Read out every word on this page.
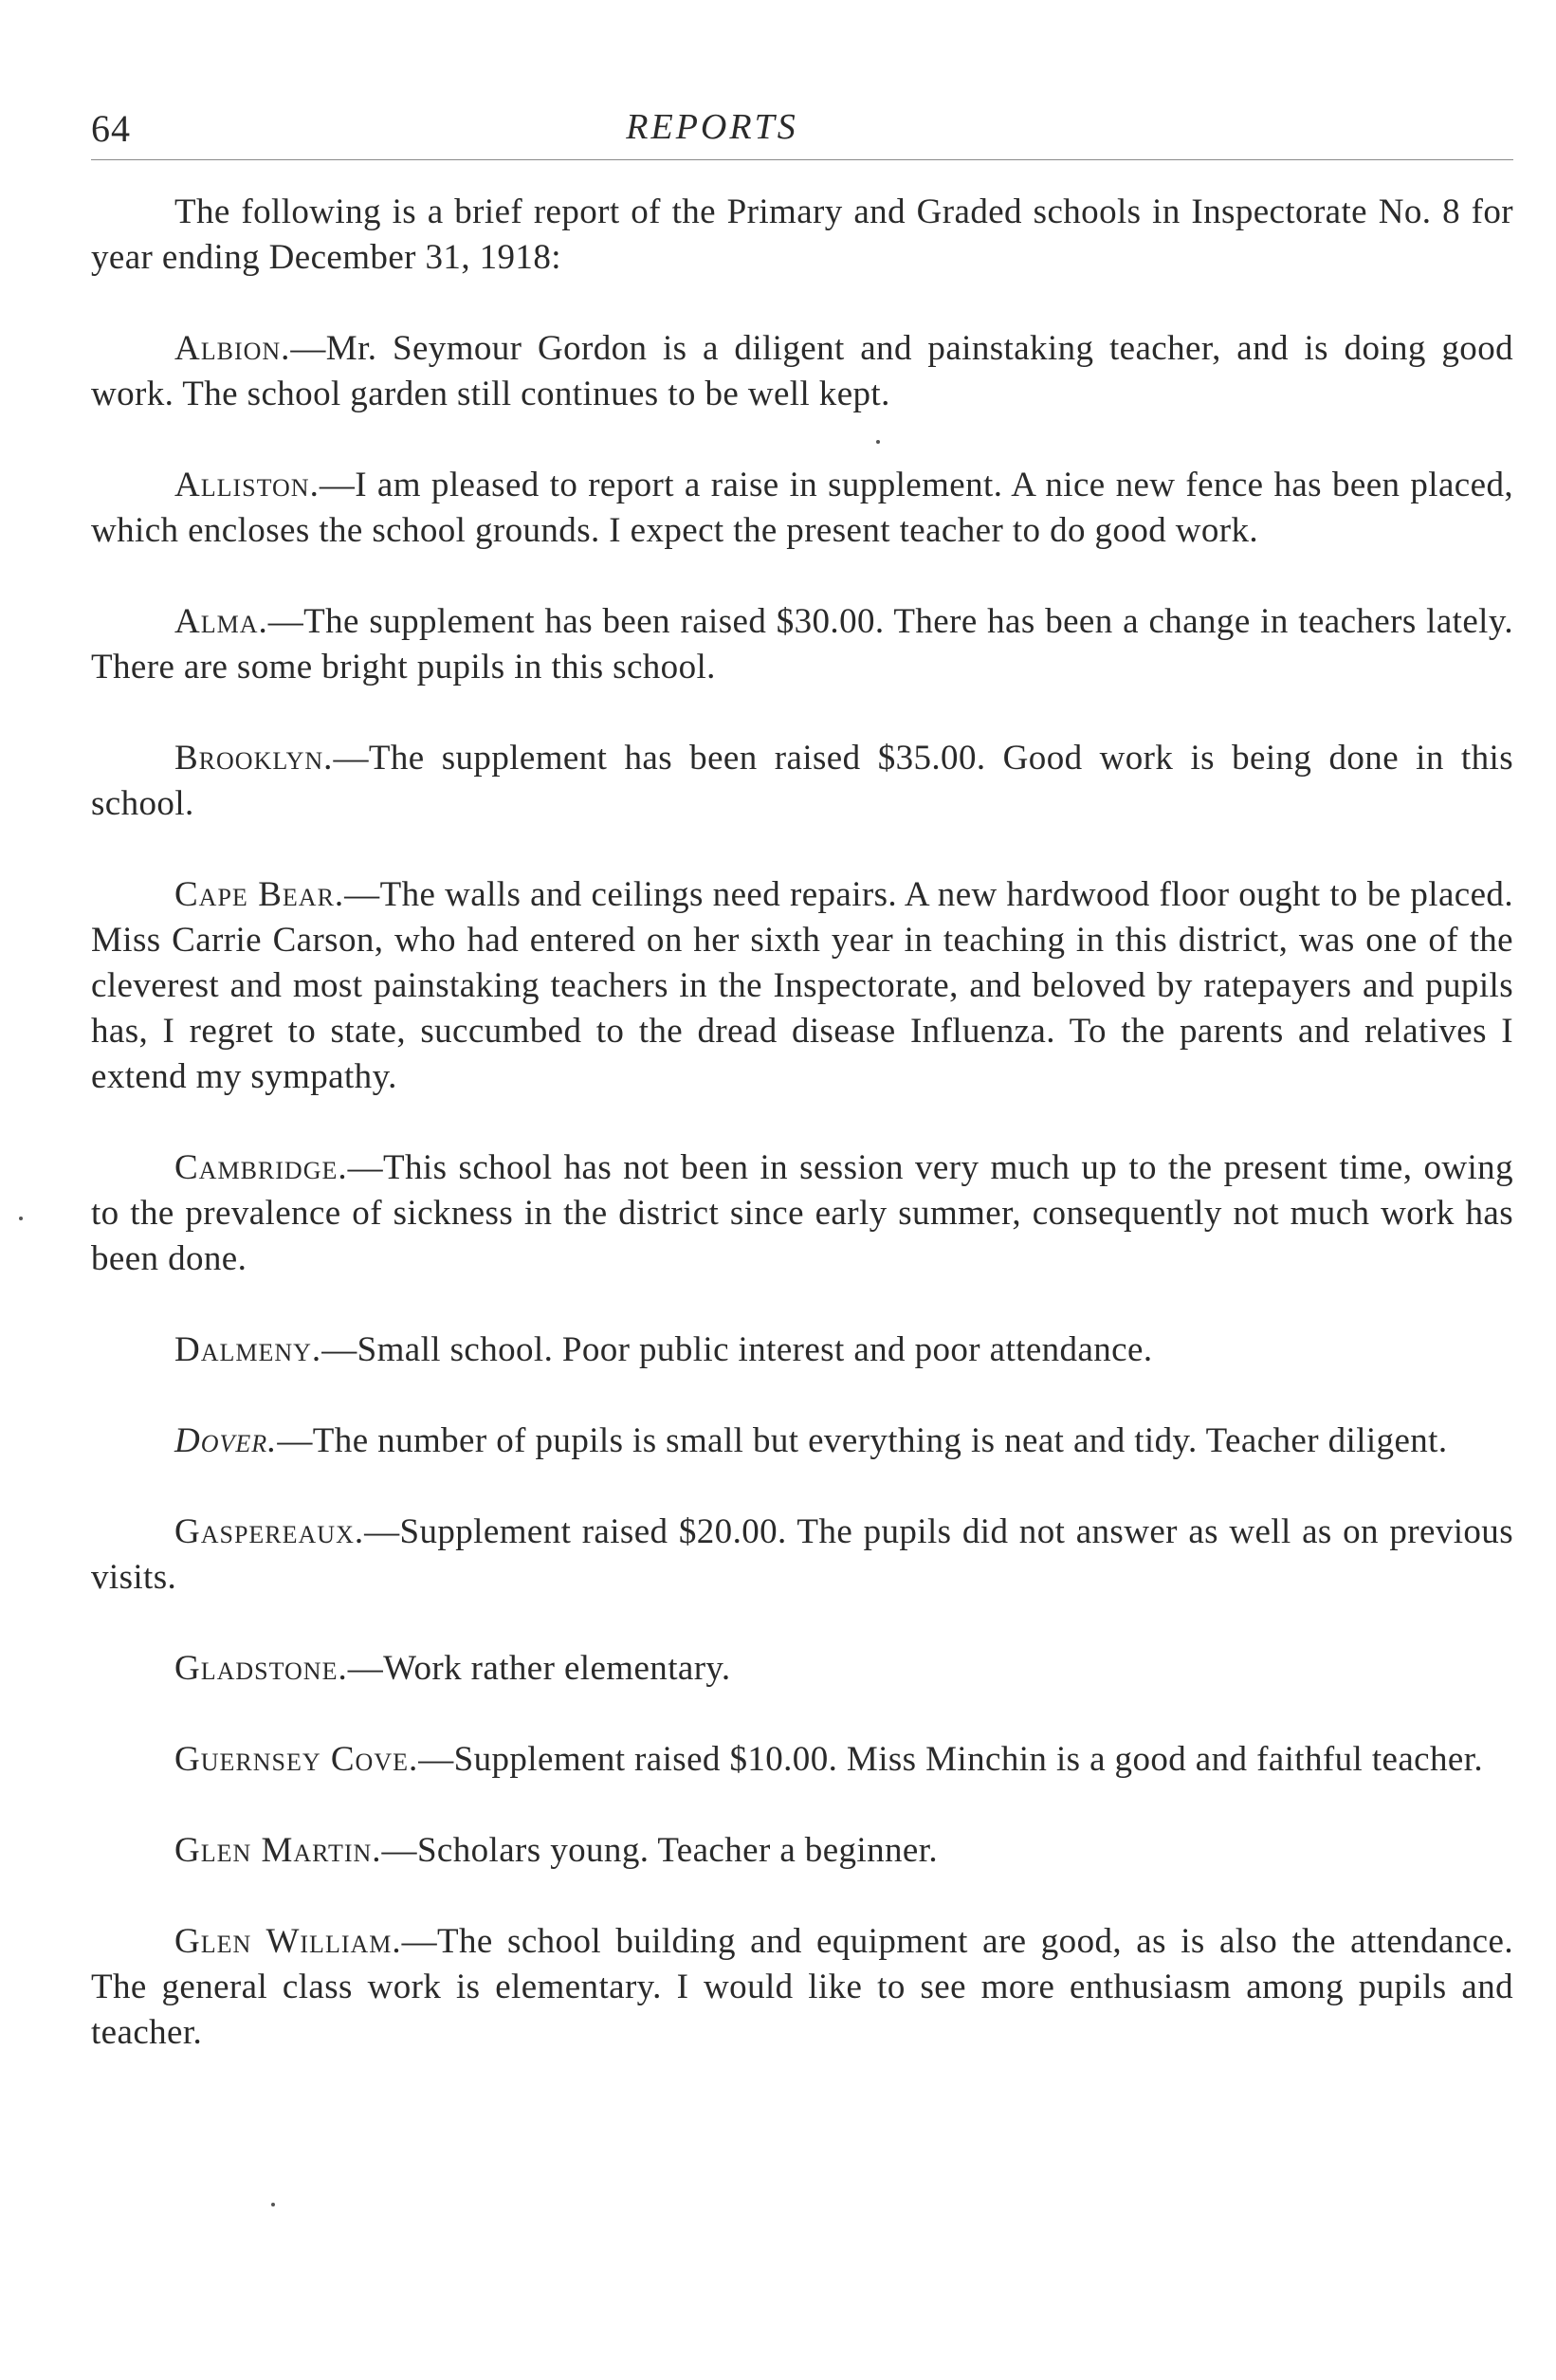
64	REPORTS

The following is a brief report of the Primary and Graded schools in Inspectorate No. 8 for year ending December 31, 1918:

Albion.—Mr. Seymour Gordon is a diligent and painstaking teacher, and is doing good work. The school garden still continues to be well kept.

Alliston.—I am pleased to report a raise in supplement. A nice new fence has been placed, which encloses the school grounds. I expect the present teacher to do good work.

Alma.—The supplement has been raised $30.00. There has been a change in teachers lately. There are some bright pupils in this school.

Brooklyn.—The supplement has been raised $35.00. Good work is being done in this school.

Cape Bear.—The walls and ceilings need repairs. A new hardwood floor ought to be placed. Miss Carrie Carson, who had entered on her sixth year in teaching in this district, was one of the cleverest and most painstaking teachers in the Inspectorate, and beloved by ratepayers and pupils has, I regret to state, succumbed to the dread disease Influenza. To the parents and relatives I extend my sympathy.

Cambridge.—This school has not been in session very much up to the present time, owing to the prevalence of sickness in the district since early summer, consequently not much work has been done.

Dalmeny.—Small school. Poor public interest and poor attendance.

Dover.—The number of pupils is small but everything is neat and tidy. Teacher diligent.

Gaspereaux.—Supplement raised $20.00. The pupils did not answer as well as on previous visits.

Gladstone.—Work rather elementary.

Guernsey Cove.—Supplement raised $10.00. Miss Minchin is a good and faithful teacher.

Glen Martin.—Scholars young. Teacher a beginner.

Glen William.—The school building and equipment are good, as is also the attendance. The general class work is elementary. I would like to see more enthusiasm among pupils and teacher.
